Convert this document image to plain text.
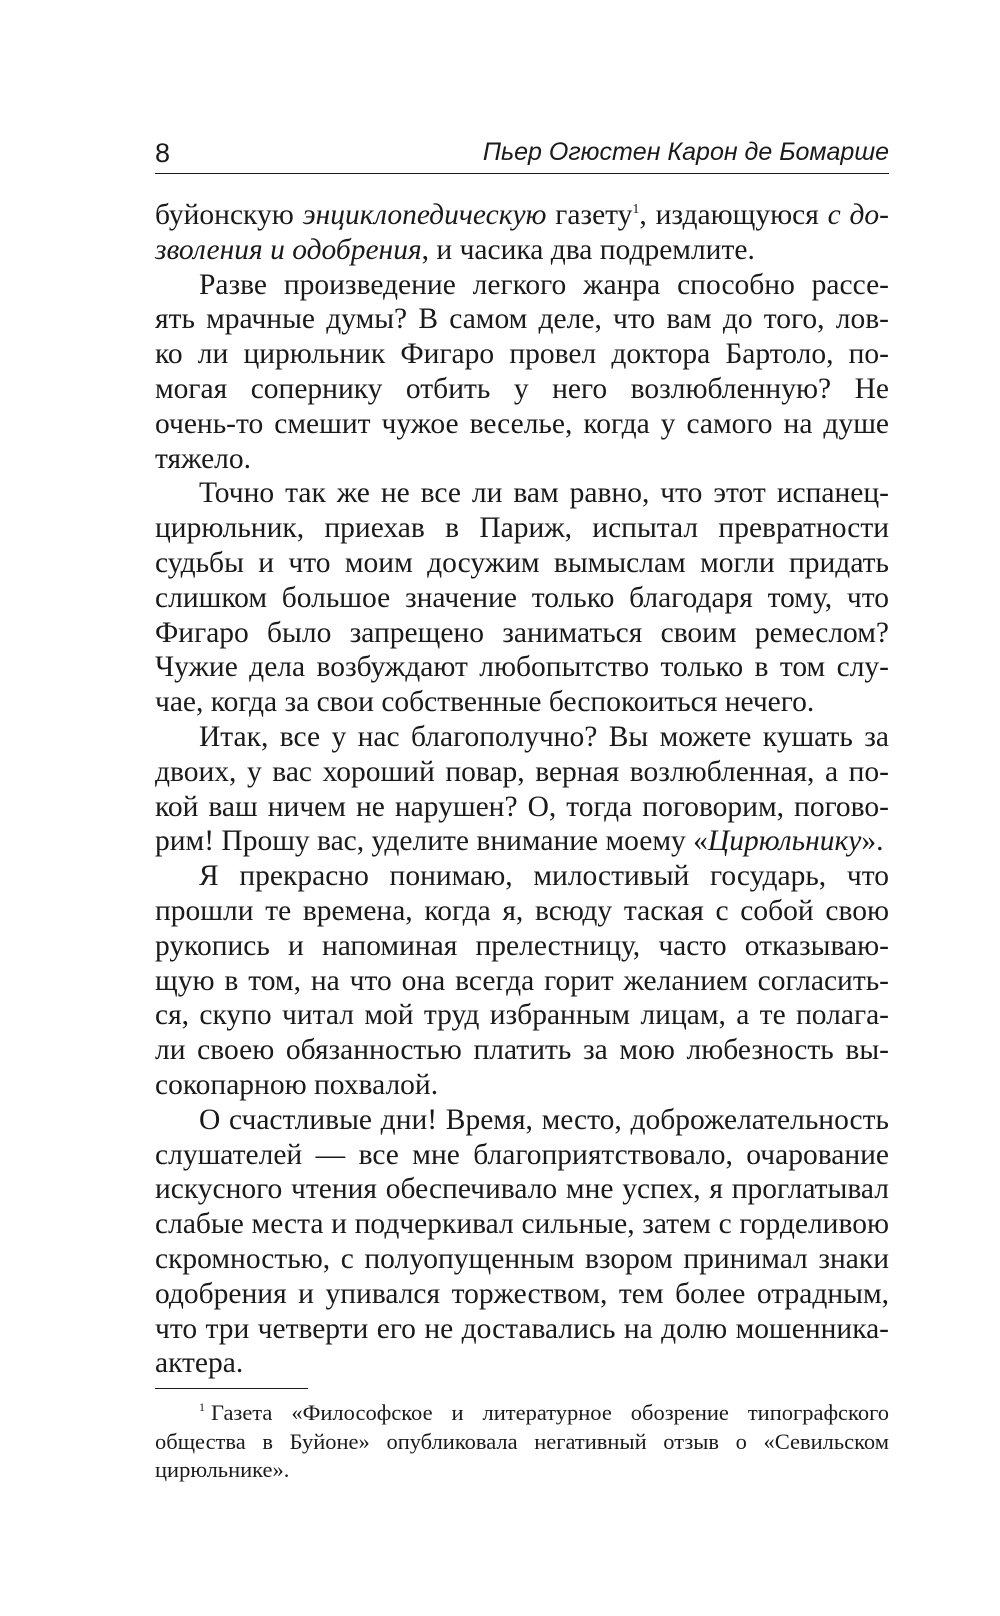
8	Пьер Огюстен Карон де Бомарше

буйонскую энциклопедическую газету$^1$, издающуюся с до-
зволения и одобрения, и часика два подремлите.

Разве произведение легкого жанра способно рассе-
ять мрачные думы? В самом деле, что вам до того, лов-
ко ли цирюльник Фигаро провел доктора Бартоло, по-
могая сопернику отбить у него возлюбленную? Не
очень-то смешит чужое веселье, когда у самого на душе
тяжело.

Точно так же не все ли вам равно, что этот испанец-
цирюльник, приехав в Париж, испытал превратности
судьбы и что моим досужим вымыслам могли придать
слишком большое значение только благодаря тому, что
Фигаро было запрещено заниматься своим ремеслом?
Чужие дела возбуждают любопытство только в том слу-
чае, когда за свои собственные беспокоиться нечего.

Итак, все у нас благополучно? Вы можете кушать за
двоих, у вас хороший повар, верная возлюбленная, а по-
кой ваш ничем не нарушен? О, тогда поговорим, погово-
рим! Прошу вас, уделите внимание моему «Цирюльнику».

Я прекрасно понимаю, милостивый государь, что
прошли те времена, когда я, всюду таская с собой свою
рукопись и напоминая прелестницу, часто отказываю-
щую в том, на что она всегда горит желанием согласить-
ся, скупо читал мой труд избранным лицам, а те полага-
ли своею обязанностью платить за мою любезность вы-
сокопарною похвалой.

О счастливые дни! Время, место, доброжелательность
слушателей — все мне благоприятствовало, очарование
искусного чтения обеспечивало мне успех, я проглатывал
слабые места и подчеркивал сильные, затем с горделивою
скромностью, с полуопущенным взором принимал знаки
одобрения и упивался торжеством, тем более отрадным,
что три четверти его не доставались на долю мошенника-
актера.

$^1$ Газета «Философское и литературное обозрение типографского
общества в Буйоне» опубликовала негативный отзыв о «Севильском
цирюльнике».
